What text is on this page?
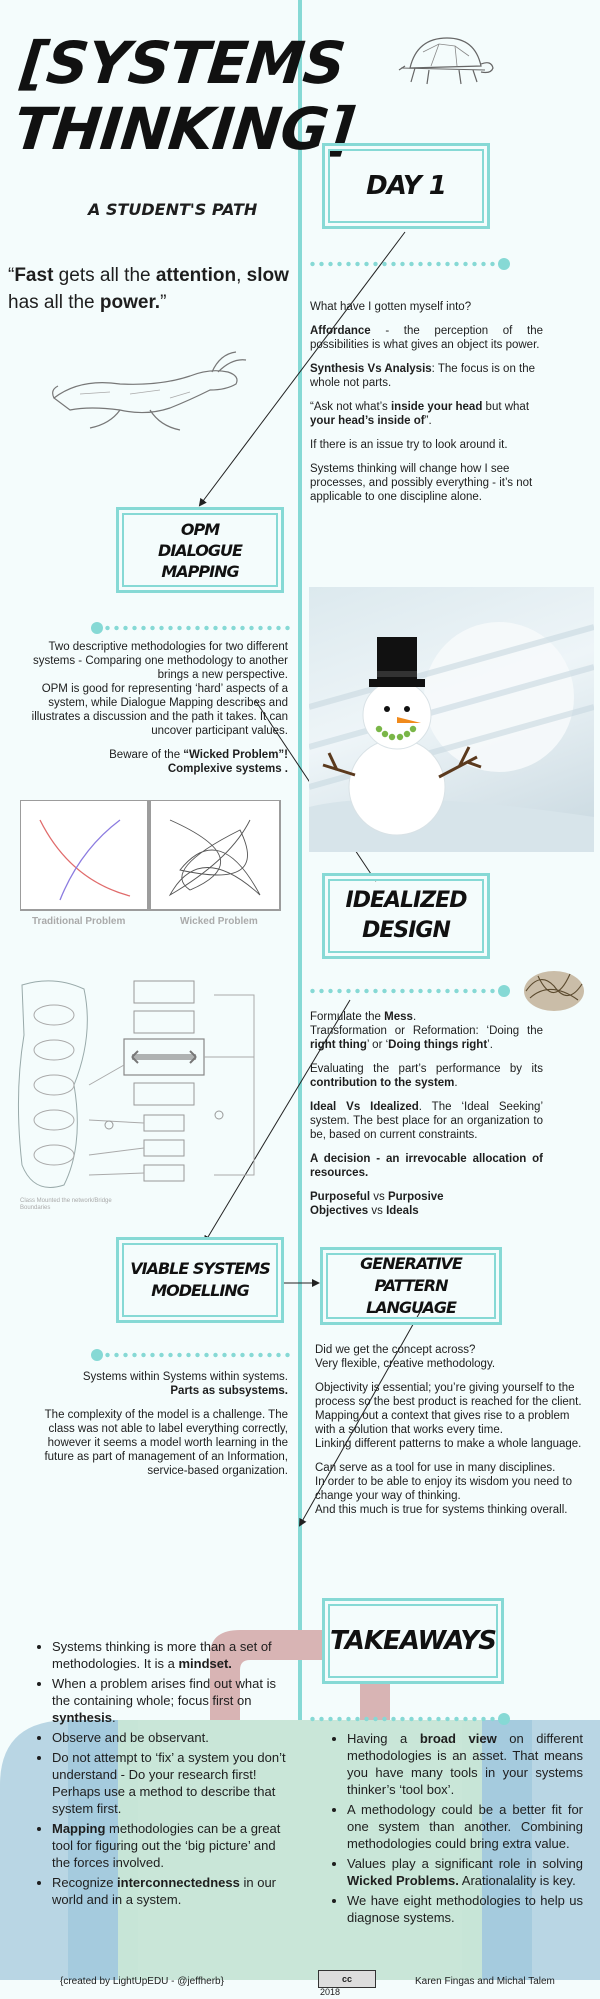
[SYSTEMS
THINKING]
A STUDENT'S PATH
“Fast gets all the attention, slow has all the power.”
DAY 1

What have I gotten myself into?

Affordance - the perception of the possibilities is what gives an object its power.

Synthesis Vs Analysis: The focus is on the whole not parts.

“Ask not what’s inside your head but what your head’s inside of”.

If there is an issue try to look around it.

Systems thinking will change how I see processes, and possibly everything - it’s not applicable to one discipline alone.

OPM
DIALOGUE
MAPPING
Two descriptive methodologies for two different systems - Comparing one methodology to another brings a new perspective.

OPM is good for representing ‘hard’ aspects of a system, while Dialogue Mapping describes and illustrates a discussion and the path it takes. It can uncover participant values.

Beware of the “Wicked Problem”!
Complexive systems .
Traditional Problem	Wicked Problem
IDEALIZED
DESIGN
Class Mounted the network/Bridge Boundaries
Formulate the Mess.

Transformation or Reformation: ‘Doing the right thing’ or ‘Doing things right’.

Evaluating the part’s performance by its contribution to the system.

Ideal Vs Idealized. The ‘Ideal Seeking’ system. The best place for an organization to be, based on current constraints.

A decision - an irrevocable allocation of resources.

Purposeful vs Purposive
Objectives vs Ideals
VIABLE SYSTEMS
MODELLING
GENERATIVE PATTERN
LANGUAGE
Systems within Systems within systems.

Parts as subsystems.

The complexity of the model is a challenge. The class was not able to label everything correctly, however it seems a model worth learning in the future as part of management of an Information, service-based organization.

Did we get the concept across?

Very flexible, creative methodology.

Objectivity is essential; you’re giving yourself to the process so the best product is reached for the client.
Mapping out a context that gives rise to a problem with a solution that works every time.

Linking different patterns to make a whole language.

Can serve as a tool for use in many disciplines.
In order to be able to enjoy its wisdom you need to change your way of thinking.
And this much is true for systems thinking overall.
TAKEAWAYS
• Systems thinking is more than a set of methodologies. It is a mindset.
• When a problem arises find out what is the containing whole; focus first on synthesis.
• Observe and be observant.
• Do not attempt to ‘fix’ a system you don’t understand - Do your research first! Perhaps use a method to describe that system first.
• Mapping methodologies can be a great tool for figuring out the ‘big picture’ and the forces involved.
• Recognize interconnectedness in our world and in a system.
• Having a broad view on different methodologies is an asset. That means you have many tools in your systems thinker’s ‘tool box’.
• A methodology could be a better fit for one system than another. Combining methodologies could bring extra value.
• Values play a significant role in solving Wicked Problems. Arationalality is key.
• We have eight methodologies to help us diagnose systems.
{created by LightUpEDU - @jeffherb}	cc
2018
Karen Fingas and Michal Talem
